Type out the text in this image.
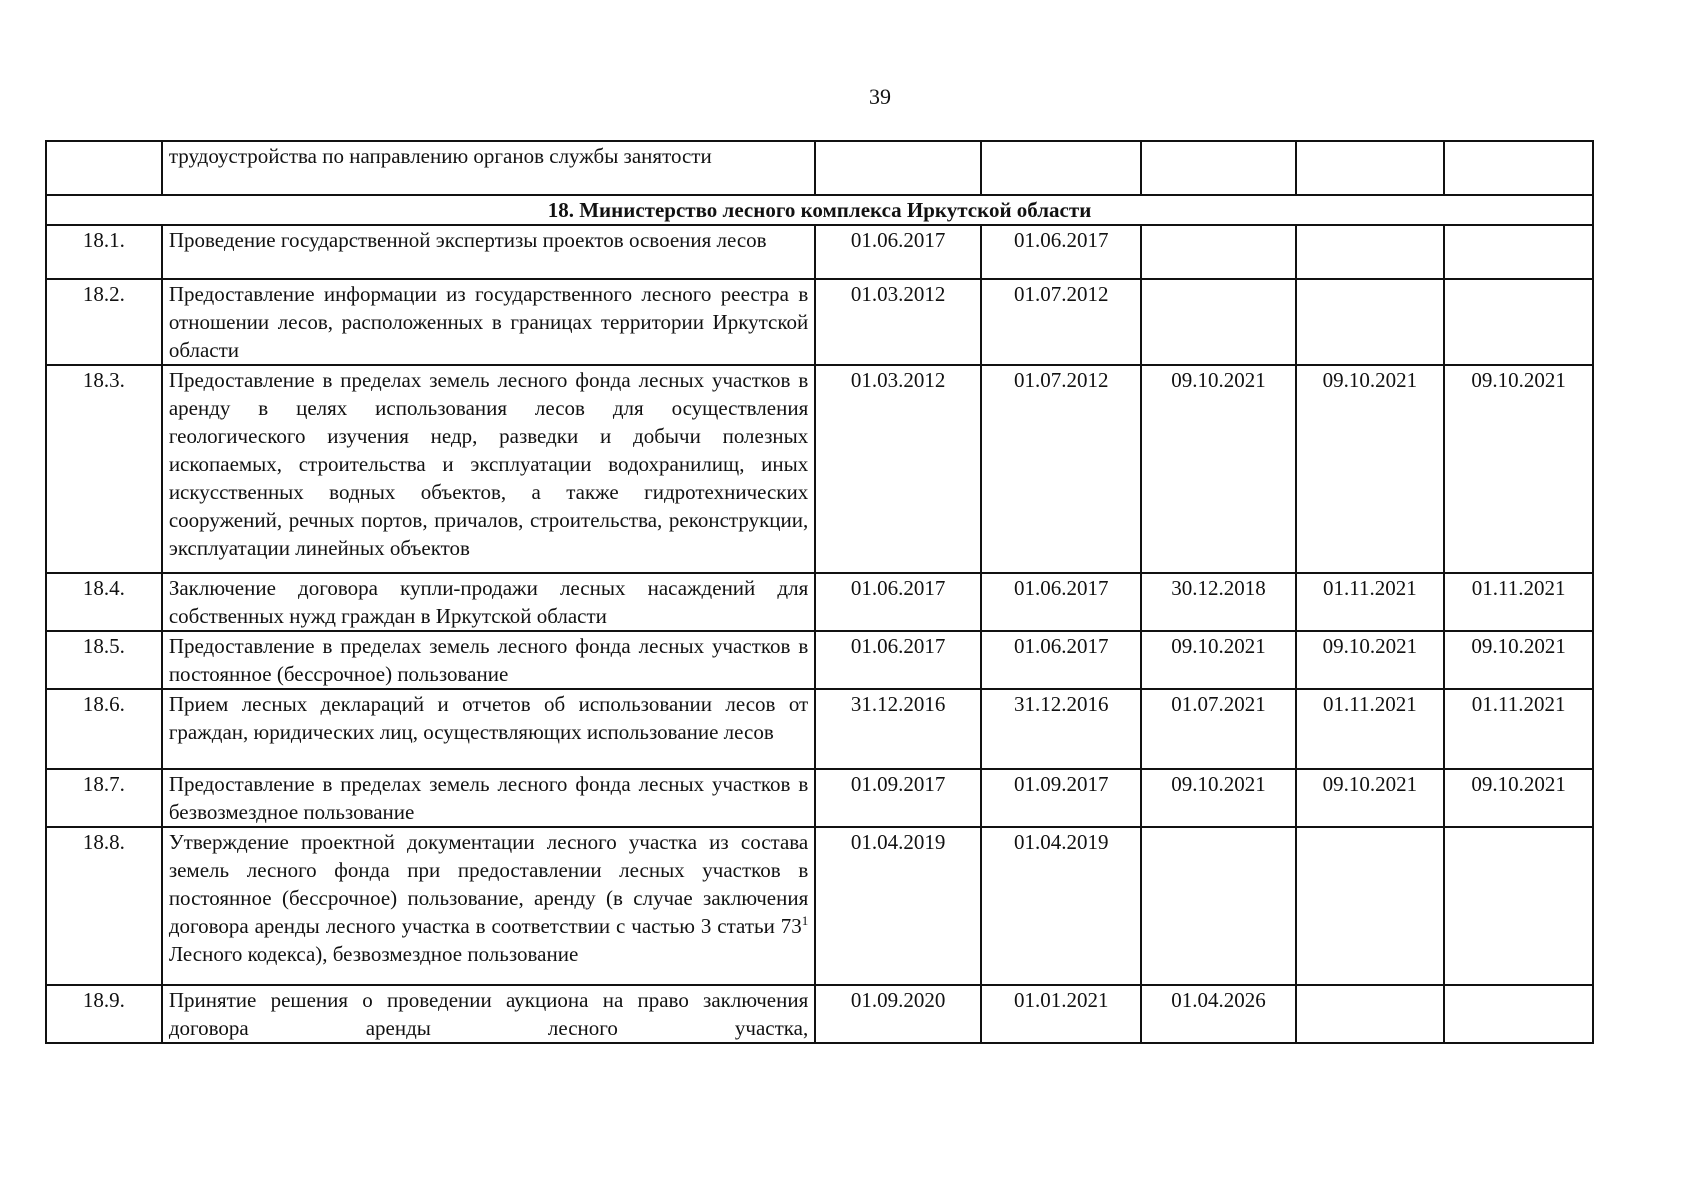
39
	трудоустройства по направлению органов службы занятости					
18. Министерство лесного комплекса Иркутской области						
18.1.	Проведение государственной экспертизы проектов освоения лесов	01.06.2017	01.06.2017			
18.2.	Предоставление информации из государственного лесного реестра в отношении лесов, расположенных в границах территории Иркутской области	01.03.2012	01.07.2012			
18.3.	Предоставление в пределах земель лесного фонда лесных участков в аренду в целях использования лесов для осуществления геологического изучения недр, разведки и добычи полезных ископаемых, строительства и эксплуатации водохранилищ, иных искусственных водных объектов, а также гидротехнических сооружений, речных портов, причалов, строительства, реконструкции, эксплуатации линейных объектов	01.03.2012	01.07.2012	09.10.2021	09.10.2021	09.10.2021
18.4.	Заключение договора купли-продажи лесных насаждений для собственных нужд граждан в Иркутской области	01.06.2017	01.06.2017	30.12.2018	01.11.2021	01.11.2021
18.5.	Предоставление в пределах земель лесного фонда лесных участков в постоянное (бессрочное) пользование	01.06.2017	01.06.2017	09.10.2021	09.10.2021	09.10.2021
18.6.	Прием лесных деклараций и отчетов об использовании лесов от граждан, юридических лиц, осуществляющих использование лесов	31.12.2016	31.12.2016	01.07.2021	01.11.2021	01.11.2021
18.7.	Предоставление в пределах земель лесного фонда лесных участков в безвозмездное пользование	01.09.2017	01.09.2017	09.10.2021	09.10.2021	09.10.2021
18.8.	Утверждение проектной документации лесного участка из состава земель лесного фонда при предоставлении лесных участков в постоянное (бессрочное) пользование, аренду (в случае заключения договора аренды лесного участка в соответствии с частью 3 статьи $73^1$ Лесного кодекса), безвозмездное пользование	01.04.2019	01.04.2019			
18.9.	Принятие решения о проведении аукциона на право заключения договора аренды лесного участка,	01.09.2020	01.01.2021	01.04.2026		
